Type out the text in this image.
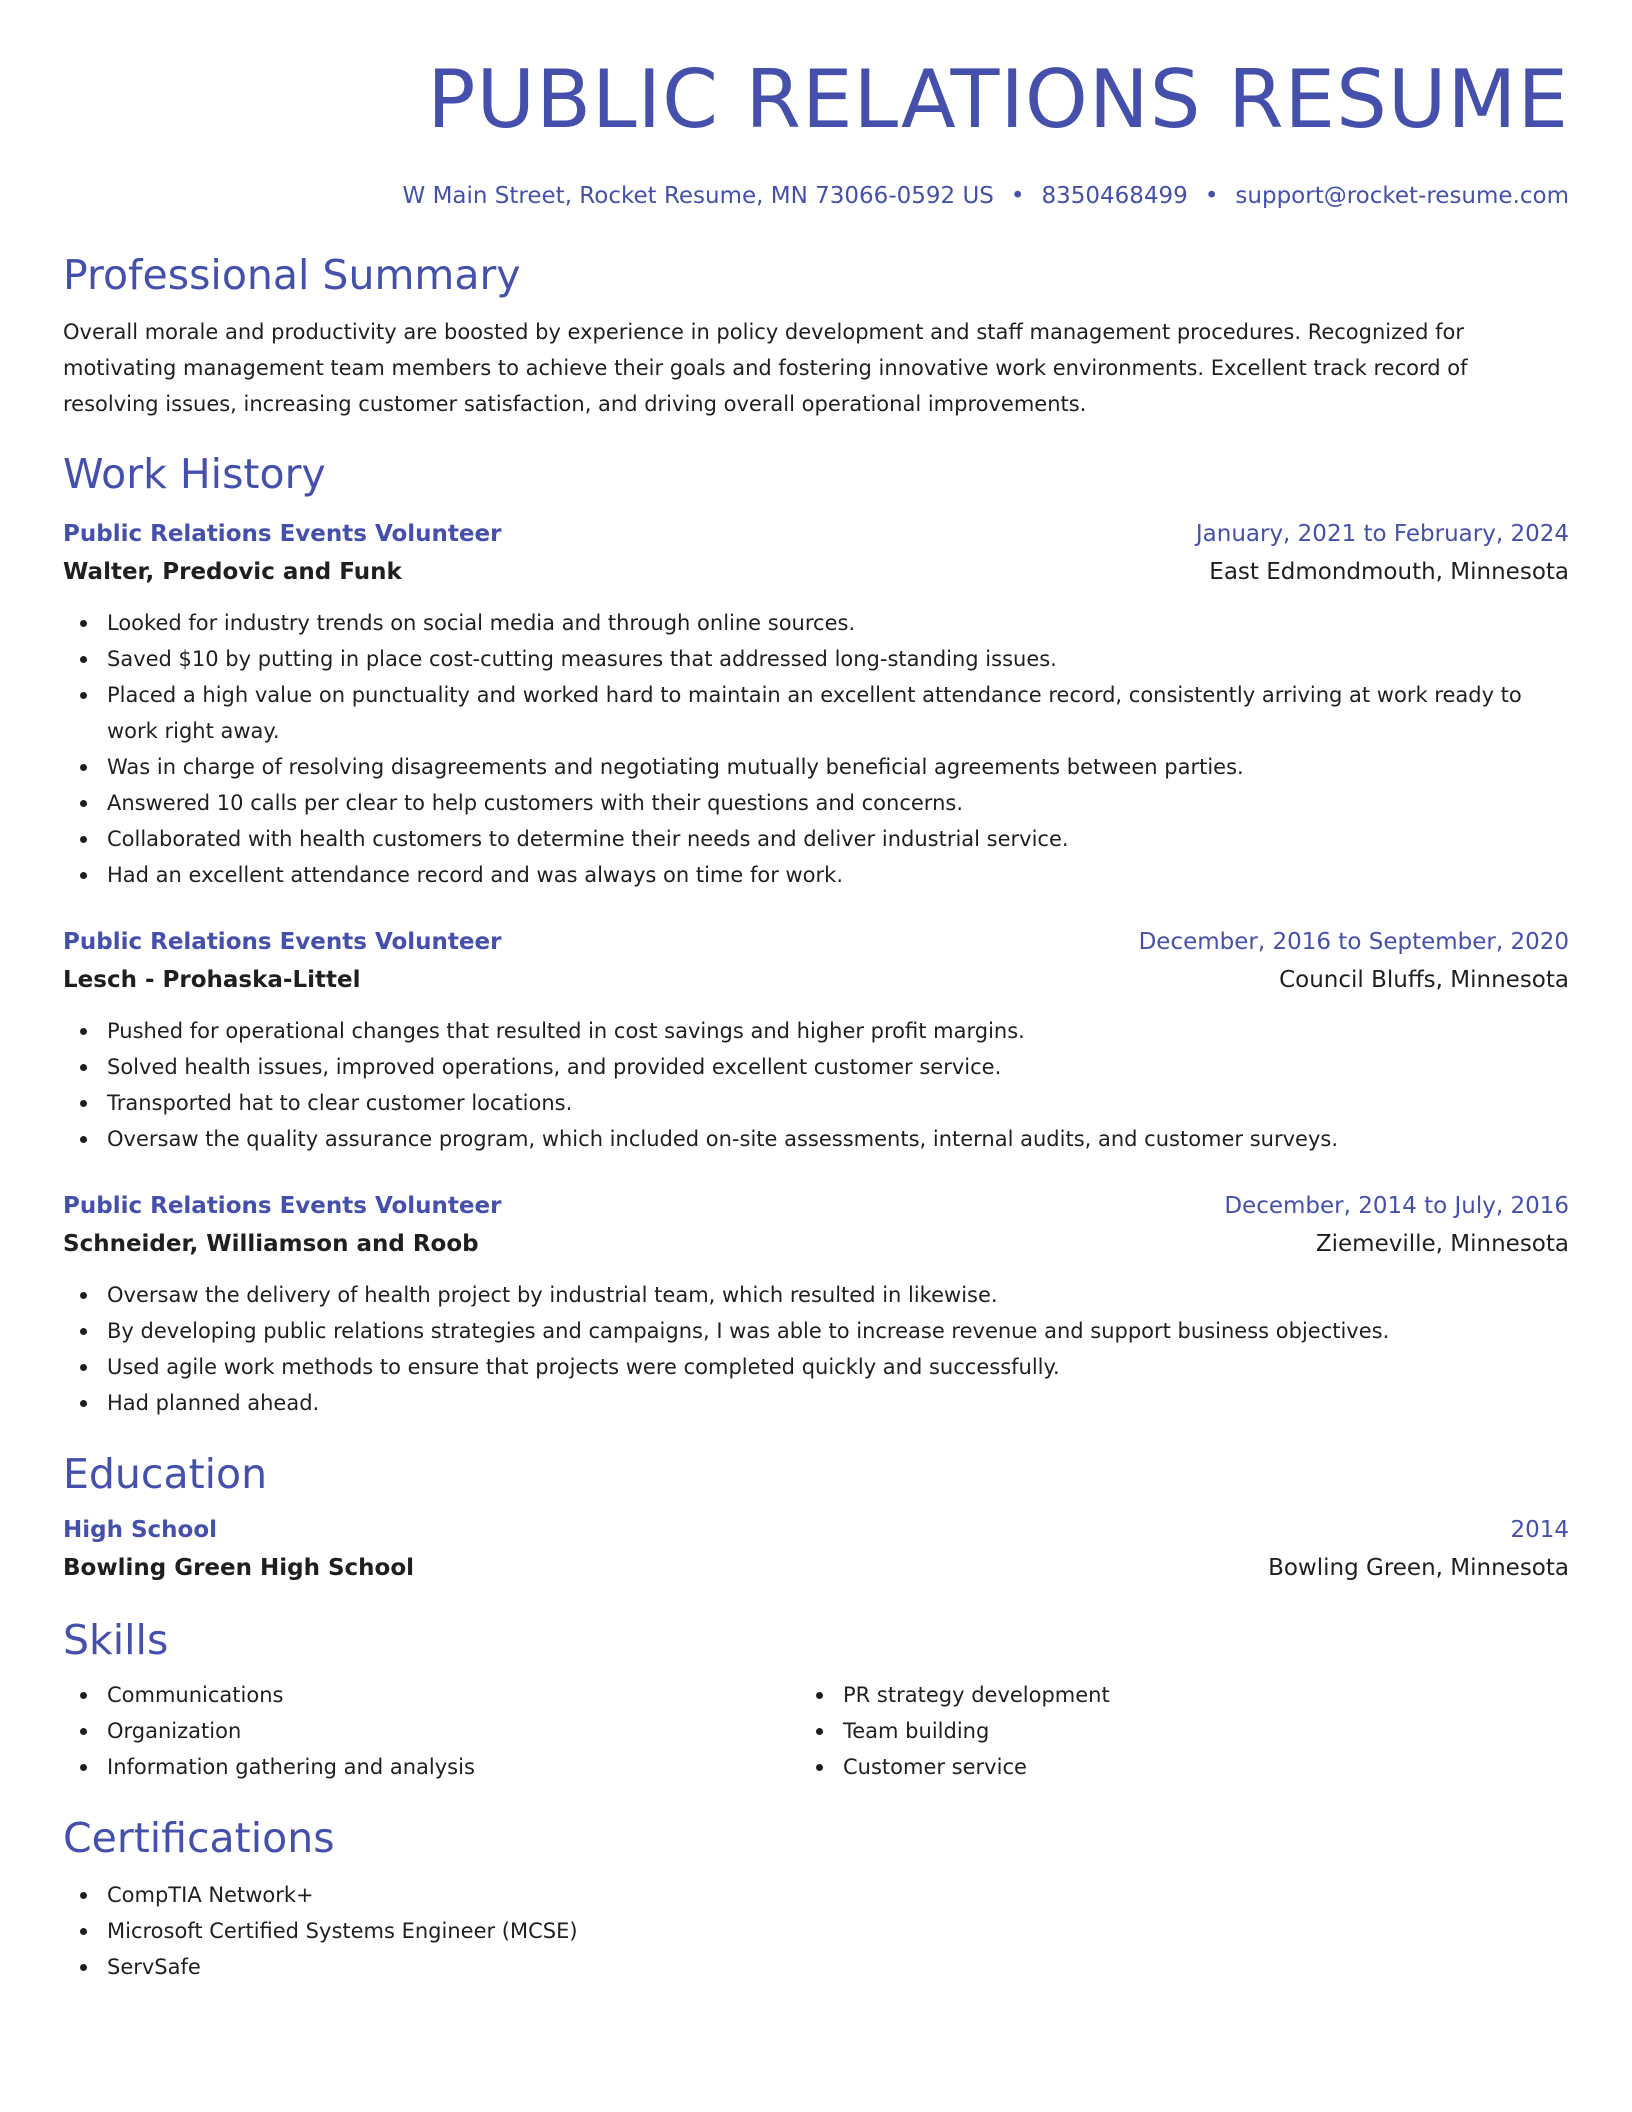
PUBLIC RELATIONS RESUME
W Main Street, Rocket Resume, MN 73066-0592 US • 8350468499 • support@rocket-resume.com
Professional Summary
Overall morale and productivity are boosted by experience in policy development and staff management procedures. Recognized for motivating management team members to achieve their goals and fostering innovative work environments. Excellent track record of resolving issues, increasing customer satisfaction, and driving overall operational improvements.
Work History
Public Relations Events Volunteer	January, 2021 to February, 2024
Walter, Predovic and Funk	East Edmondmouth, Minnesota
Looked for industry trends on social media and through online sources.
Saved $10 by putting in place cost-cutting measures that addressed long-standing issues.
Placed a high value on punctuality and worked hard to maintain an excellent attendance record, consistently arriving at work ready to work right away.
Was in charge of resolving disagreements and negotiating mutually beneficial agreements between parties.
Answered 10 calls per clear to help customers with their questions and concerns.
Collaborated with health customers to determine their needs and deliver industrial service.
Had an excellent attendance record and was always on time for work.
Public Relations Events Volunteer	December, 2016 to September, 2020
Lesch - Prohaska-Littel	Council Bluffs, Minnesota
Pushed for operational changes that resulted in cost savings and higher profit margins.
Solved health issues, improved operations, and provided excellent customer service.
Transported hat to clear customer locations.
Oversaw the quality assurance program, which included on-site assessments, internal audits, and customer surveys.
Public Relations Events Volunteer	December, 2014 to July, 2016
Schneider, Williamson and Roob	Ziemeville, Minnesota
Oversaw the delivery of health project by industrial team, which resulted in likewise.
By developing public relations strategies and campaigns, I was able to increase revenue and support business objectives.
Used agile work methods to ensure that projects were completed quickly and successfully.
Had planned ahead.
Education
High School	2014
Bowling Green High School	Bowling Green, Minnesota
Skills
Communications
Organization
Information gathering and analysis
PR strategy development
Team building
Customer service
Certifications
CompTIA Network+
Microsoft Certified Systems Engineer (MCSE)
ServSafe
